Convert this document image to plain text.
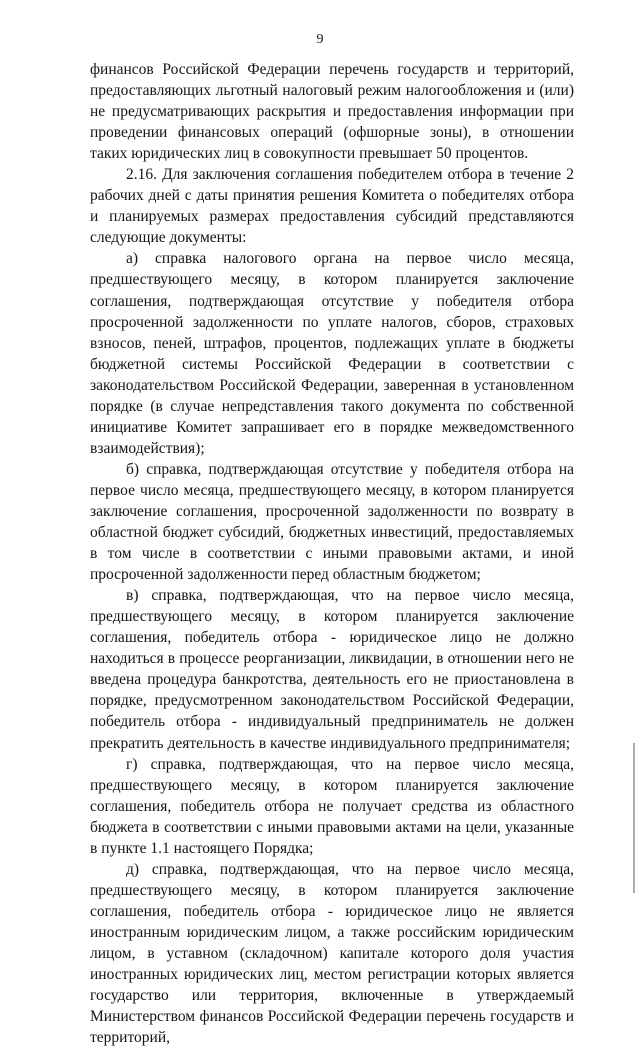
9

финансов Российской Федерации перечень государств и территорий, предоставляющих льготный налоговый режим налогообложения и (или) не предусматривающих раскрытия и предоставления информации при проведении финансовых операций (офшорные зоны), в отношении таких юридических лиц в совокупности превышает 50 процентов.

2.16. Для заключения соглашения победителем отбора в течение 2 рабочих дней с даты принятия решения Комитета о победителях отбора и планируемых размерах предоставления субсидий представляются следующие документы:

а) справка налогового органа на первое число месяца, предшествующего месяцу, в котором планируется заключение соглашения, подтверждающая отсутствие у победителя отбора просроченной задолженности по уплате налогов, сборов, страховых взносов, пеней, штрафов, процентов, подлежащих уплате в бюджеты бюджетной системы Российской Федерации в соответствии с законодательством Российской Федерации, заверенная в установленном порядке (в случае непредставления такого документа по собственной инициативе Комитет запрашивает его в порядке межведомственного взаимодействия);

б) справка, подтверждающая отсутствие у победителя отбора на первое число месяца, предшествующего месяцу, в котором планируется заключение соглашения, просроченной задолженности по возврату в областной бюджет субсидий, бюджетных инвестиций, предоставляемых в том числе в соответствии с иными правовыми актами, и иной просроченной задолженности перед областным бюджетом;

в) справка, подтверждающая, что на первое число месяца, предшествующего месяцу, в котором планируется заключение соглашения, победитель отбора - юридическое лицо не должно находиться в процессе реорганизации, ликвидации, в отношении него не введена процедура банкротства, деятельность его не приостановлена в порядке, предусмотренном законодательством Российской Федерации, победитель отбора - индивидуальный предприниматель не должен прекратить деятельность в качестве индивидуального предпринимателя;

г) справка, подтверждающая, что на первое число месяца, предшествующего месяцу, в котором планируется заключение соглашения, победитель отбора не получает средства из областного бюджета в соответствии с иными правовыми актами на цели, указанные в пункте 1.1 настоящего Порядка;

д) справка, подтверждающая, что на первое число месяца, предшествующего месяцу, в котором планируется заключение соглашения, победитель отбора - юридическое лицо не является иностранным юридическим лицом, а также российским юридическим лицом, в уставном (складочном) капитале которого доля участия иностранных юридических лиц, местом регистрации которых является государство или территория, включенные в утверждаемый Министерством финансов Российской Федерации перечень государств и территорий,
